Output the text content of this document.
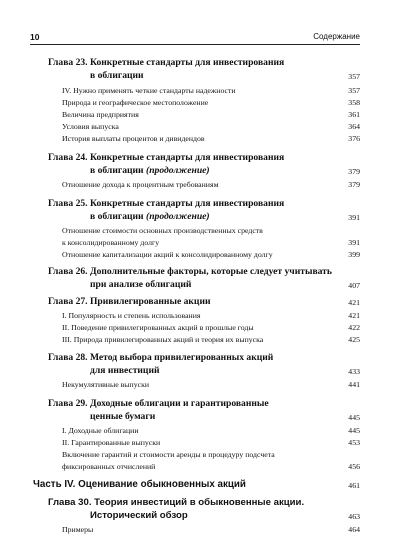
10	Содержание
Глава 23. Конкретные стандарты для инвестирования
в облигации	357
IV. Нужно применять четкие стандарты надежности	357
Природа и географическое местоположение	358
Величина предприятия	361
Условия выпуска	364
История выплаты процентов и дивидендов	376
Глава 24. Конкретные стандарты для инвестирования
в облигации (продолжение)	379
Отношение дохода к процентным требованиям	379
Глава 25. Конкретные стандарты для инвестирования
в облигации (продолжение)	391
Отношение стоимости основных производственных средств
к консолидированному долгу	391
Отношение капитализации акций к консолидированному долгу	399
Глава 26. Дополнительные факторы, которые следует учитывать
при анализе облигаций	407
Глава 27. Привилегированные акции	421
I. Популярность и степень использования	421
II. Поведение привилегированных акций в прошлые годы	422
III. Природа привилегированных акций и теория их выпуска	425
Глава 28. Метод выбора привилегированных акций
для инвестиций	433
Некумулятивные выпуски	441
Глава 29. Доходные облигации и гарантированные
ценные бумаги	445
I. Доходные облигации	445
II. Гарантированные выпуски	453
Включение гарантий и стоимости аренды в процедуру подсчета
фиксированных отчислений	456
Часть IV. Оценивание обыкновенных акций	461
Глава 30. Теория инвестиций в обыкновенные акции.
Исторический обзор	463
Примеры	464
